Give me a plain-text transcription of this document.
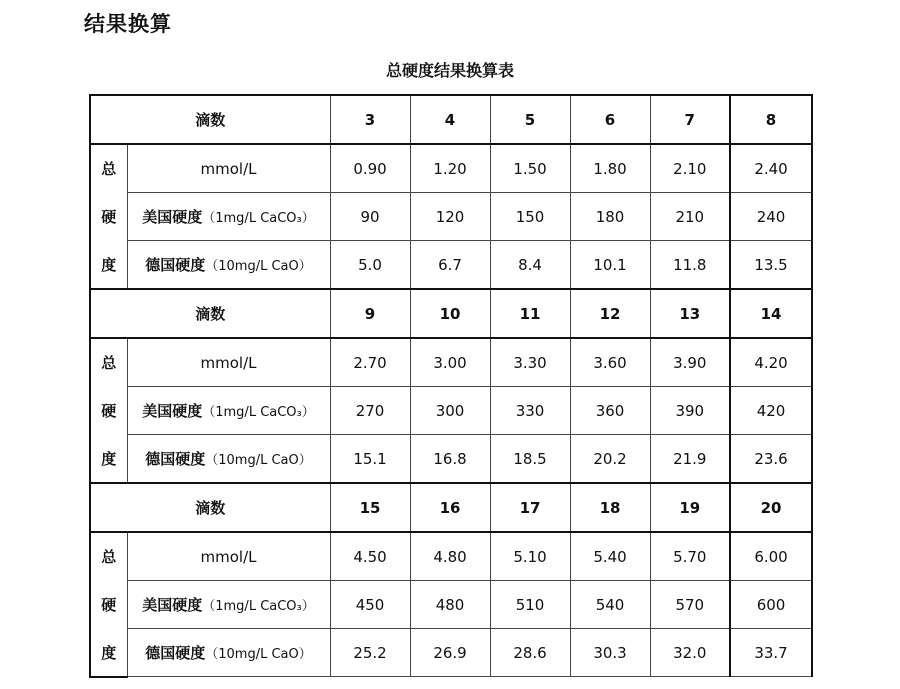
结果换算
总硬度结果换算表
滴数		3	4	5	6	7	8
总	mmol/L	0.90	1.20	1.50	1.80	2.10	2.40
硬	美国硬度（1mg/L CaCO₃）	90	120	150	180	210	240
度	德国硬度（10mg/L CaO）	5.0	6.7	8.4	10.1	11.8	13.5
滴数		9	10	11	12	13	14
总	mmol/L	2.70	3.00	3.30	3.60	3.90	4.20
硬	美国硬度（1mg/L CaCO₃）	270	300	330	360	390	420
度	德国硬度（10mg/L CaO）	15.1	16.8	18.5	20.2	21.9	23.6
滴数		15	16	17	18	19	20
总	mmol/L	4.50	4.80	5.10	5.40	5.70	6.00
硬	美国硬度（1mg/L CaCO₃）	450	480	510	540	570	600
度	德国硬度（10mg/L CaO）	25.2	26.9	28.6	30.3	32.0	33.7
